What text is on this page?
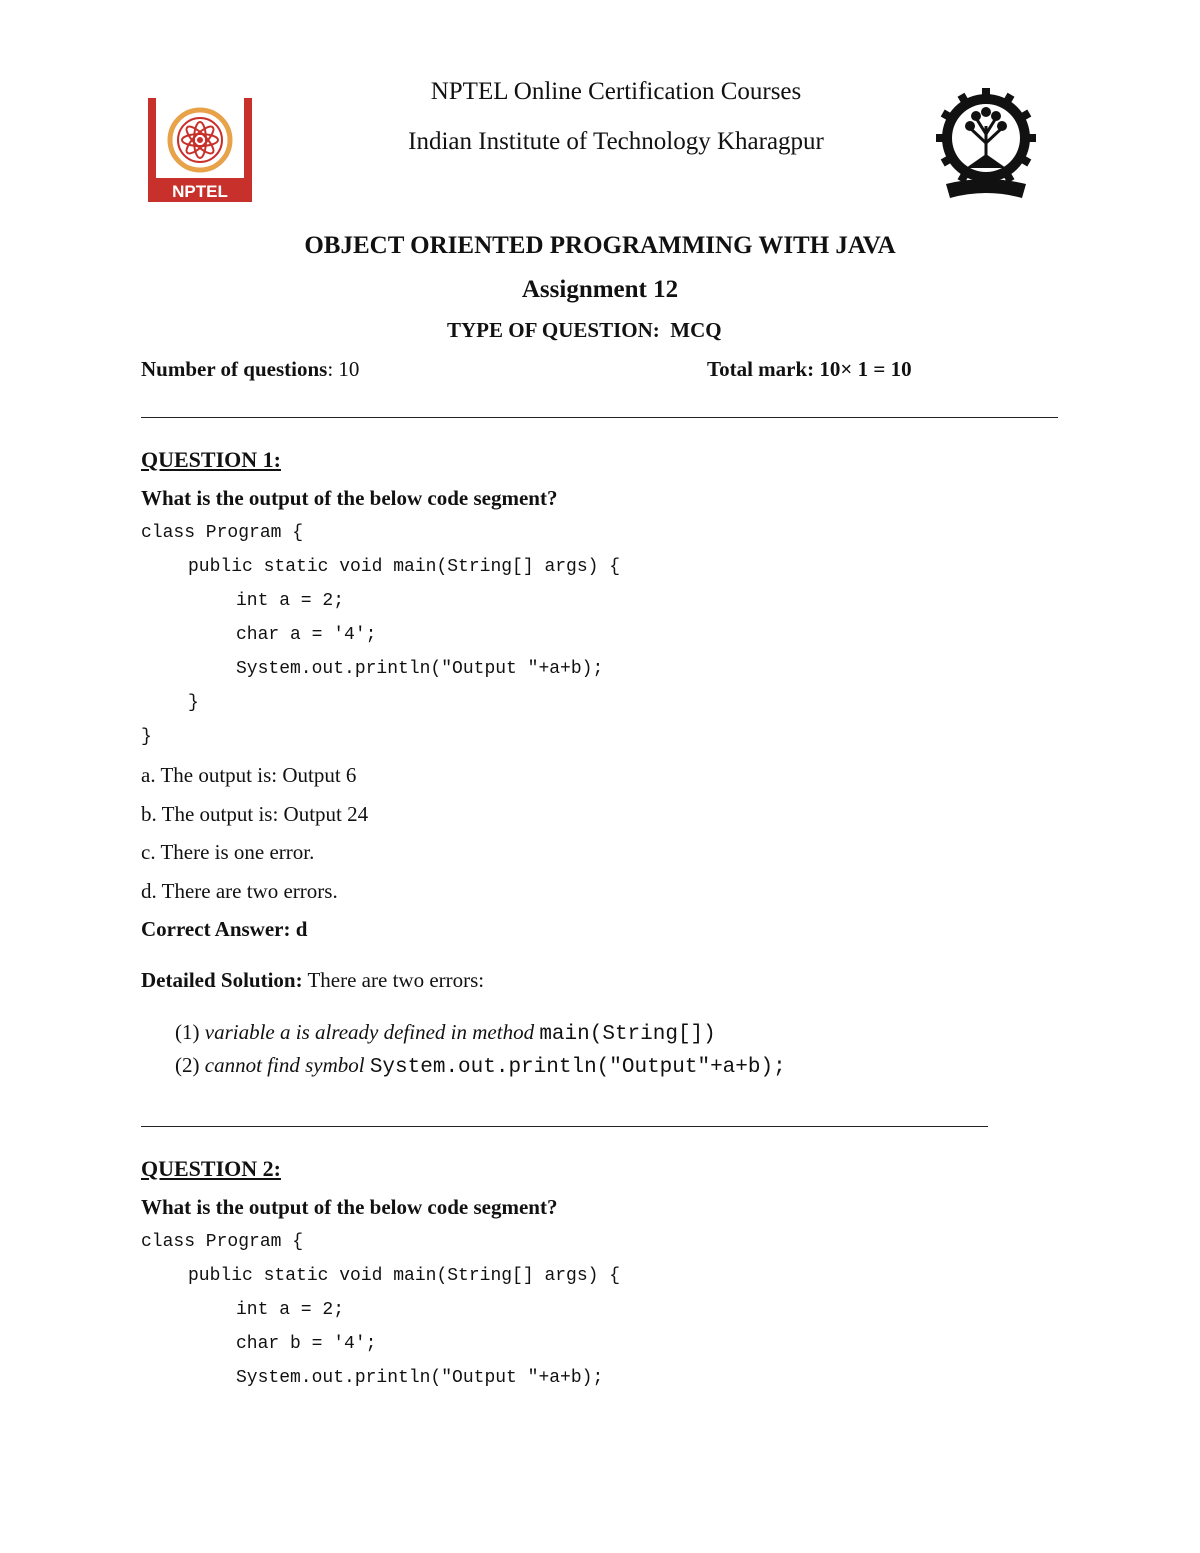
NPTEL

NPTEL Online Certification Courses
Indian Institute of Technology Kharagpur

OBJECT ORIENTED PROGRAMMING WITH JAVA
Assignment 12
TYPE OF QUESTION: MCQ
Number of questions: 10	Total mark: 10× 1 = 10
QUESTION 1:
What is the output of the below code segment?
class Program {
public static void main(String[] args) {
int a = 2;
char a = '4';
System.out.println("Output "+a+b);
}
}
a. The output is: Output 6
b. The output is: Output 24
c. There is one error.
d. There are two errors.
Correct Answer: d
Detailed Solution: There are two errors:
(1) variable a is already defined in method main(String[])
(2) cannot find symbol System.out.println("Output"+a+b);
QUESTION 2:
What is the output of the below code segment?
class Program {
public static void main(String[] args) {
int a = 2;
char b = '4';
System.out.println("Output "+a+b);
